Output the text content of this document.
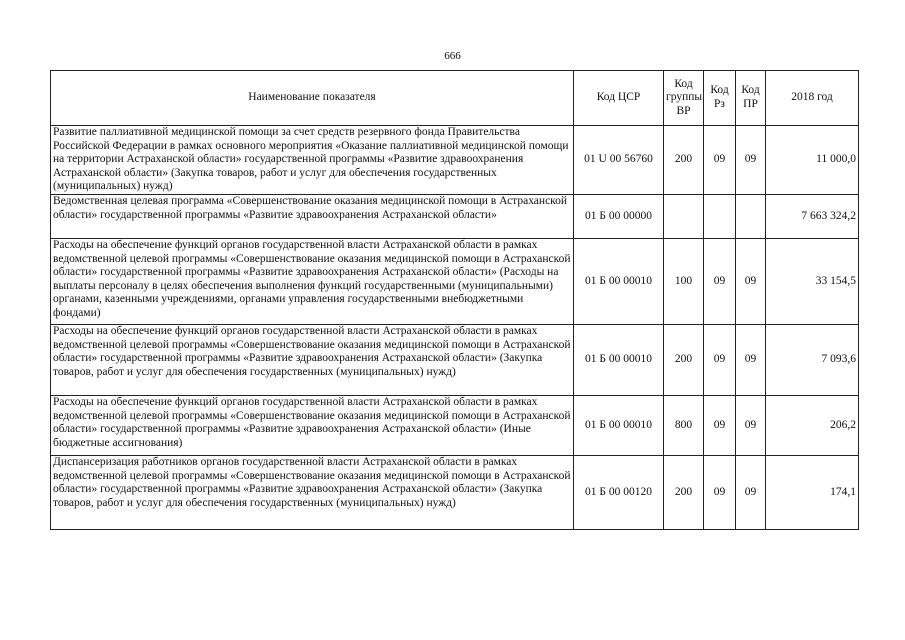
666
Наименование показателя	Код ЦСР	Код группы ВР	Код Рз	Код ПР	2018 год
Развитие паллиативной медицинской помощи за счет средств резервного фонда Правительства Российской Федерации в рамках основного мероприятия «Оказание паллиативной медицинской помощи на территории Астраханской области» государственной программы «Развитие здравоохранения Астраханской области» (Закупка товаров, работ и услуг для обеспечения государственных (муниципальных) нужд)	01 U 00 56760	200	09	09	11 000,0
Ведомственная целевая программа «Совершенствование оказания медицинской помощи в Астраханской области» государственной программы «Развитие здравоохранения Астраханской области»	01 Б 00 00000				7 663 324,2
Расходы на обеспечение функций органов государственной власти Астраханской области в рамках ведомственной целевой программы «Совершенствование оказания медицинской помощи в Астраханской области» государственной программы «Развитие здравоохранения Астраханской области» (Расходы на выплаты персоналу в целях обеспечения выполнения функций государственными (муниципальными) органами, казенными учреждениями, органами управления государственными внебюджетными фондами)	01 Б 00 00010	100	09	09	33 154,5
Расходы на обеспечение функций органов государственной власти Астраханской области в рамках ведомственной целевой программы «Совершенствование оказания медицинской помощи в Астраханской области» государственной программы «Развитие здравоохранения Астраханской области» (Закупка товаров, работ и услуг для обеспечения государственных (муниципальных) нужд)	01 Б 00 00010	200	09	09	7 093,6
Расходы на обеспечение функций органов государственной власти Астраханской области в рамках ведомственной целевой программы «Совершенствование оказания медицинской помощи в Астраханской области» государственной программы «Развитие здравоохранения Астраханской области» (Иные бюджетные ассигнования)	01 Б 00 00010	800	09	09	206,2
Диспансеризация работников органов государственной власти Астраханской области в рамках ведомственной целевой программы «Совершенствование оказания медицинской помощи в Астраханской области» государственной программы «Развитие здравоохранения Астраханской области» (Закупка товаров, работ и услуг для обеспечения государственных (муниципальных) нужд)	01 Б 00 00120	200	09	09	174,1
